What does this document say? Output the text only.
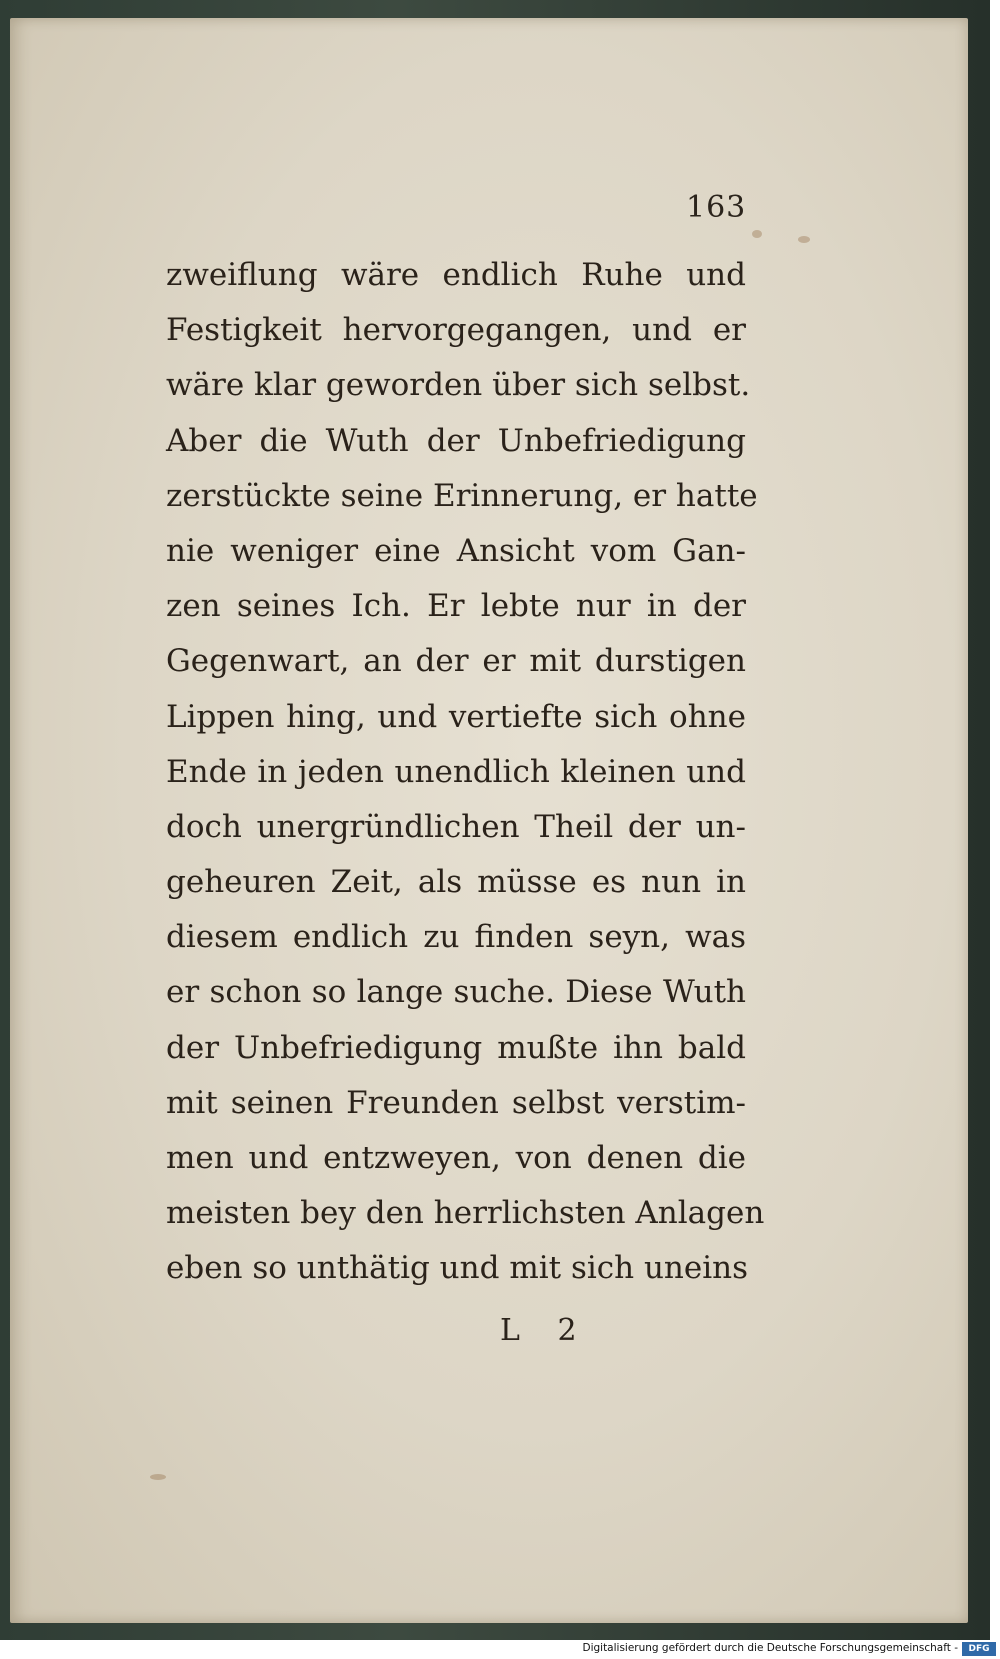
163
zweiflung wäre endlich Ruhe und
Festigkeit hervorgegangen, und er
wäre klar geworden über sich selbst.
Aber die Wuth der Unbefriedigung
zerstückte seine Erinnerung, er hatte
nie weniger eine Ansicht vom Gan-
zen seines Ich. Er lebte nur in der
Gegenwart, an der er mit durstigen
Lippen hing, und vertiefte sich ohne
Ende in jeden unendlich kleinen und
doch unergründlichen Theil der un-
geheuren Zeit, als müsse es nun in
diesem endlich zu finden seyn, was
er schon so lange suche. Diese Wuth
der Unbefriedigung mußte ihn bald
mit seinen Freunden selbst verstim-
men und entzweyen, von denen die
meisten bey den herrlichsten Anlagen
eben so unthätig und mit sich uneins
L 2
Digitalisierung gefördert durch die Deutsche Forschungsgemeinschaft -	DFG
